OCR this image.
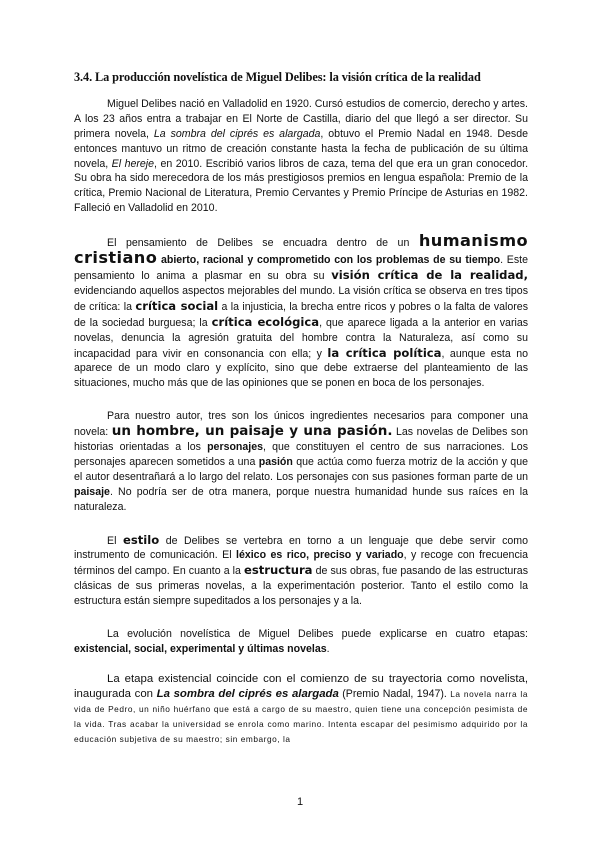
3.4. La producción novelística de Miguel Delibes: la visión crítica de la realidad

Miguel Delibes nació en Valladolid en 1920. Cursó estudios de comercio, derecho y artes. A los 23 años entra a trabajar en El Norte de Castilla, diario del que llegó a ser director. Su primera novela, La sombra del ciprés es alargada, obtuvo el Premio Nadal en 1948. Desde entonces mantuvo un ritmo de creación constante hasta la fecha de publicación de su última novela, El hereje, en 2010. Escribió varios libros de caza, tema del que era un gran conocedor. Su obra ha sido merecedora de los más prestigiosos premios en lengua española: Premio de la crítica, Premio Nacional de Literatura, Premio Cervantes y Premio Príncipe de Asturias en 1982. Falleció en Valladolid en 2010.

El pensamiento de Delibes se encuadra dentro de un humanismo cristiano abierto, racional y comprometido con los problemas de su tiempo. Este pensamiento lo anima a plasmar en su obra su visión crítica de la realidad, evidenciando aquellos aspectos mejorables del mundo. La visión crítica se observa en tres tipos de crítica: la crítica social a la injusticia, la brecha entre ricos y pobres o la falta de valores de la sociedad burguesa; la crítica ecológica, que aparece ligada a la anterior en varias novelas, denuncia la agresión gratuita del hombre contra la Naturaleza, así como su incapacidad para vivir en consonancia con ella; y la crítica política, aunque esta no aparece de un modo claro y explícito, sino que debe extraerse del planteamiento de las situaciones, mucho más que de las opiniones que se ponen en boca de los personajes.

Para nuestro autor, tres son los únicos ingredientes necesarios para componer una novela: un hombre, un paisaje y una pasión. Las novelas de Delibes son historias orientadas a los personajes, que constituyen el centro de sus narraciones. Los personajes aparecen sometidos a una pasión que actúa como fuerza motriz de la acción y que el autor desentrañará a lo largo del relato. Los personajes con sus pasiones forman parte de un paisaje. No podría ser de otra manera, porque nuestra humanidad hunde sus raíces en la naturaleza.

El estilo de Delibes se vertebra en torno a un lenguaje que debe servir como instrumento de comunicación. El léxico es rico, preciso y variado, y recoge con frecuencia términos del campo. En cuanto a la estructura de sus obras, fue pasando de las estructuras clásicas de sus primeras novelas, a la experimentación posterior. Tanto el estilo como la estructura están siempre supeditados a los personajes y a la.

La evolución novelística de Miguel Delibes puede explicarse en cuatro etapas: existencial, social, experimental y últimas novelas.

La etapa existencial coincide con el comienzo de su trayectoria como novelista, inaugurada con La sombra del ciprés es alargada (Premio Nadal, 1947). La novela narra la vida de Pedro, un niño huérfano que está a cargo de su maestro, quien tiene una concepción pesimista de la vida. Tras acabar la universidad se enrola como marino. Intenta escapar del pesimismo adquirido por la educación subjetiva de su maestro; sin embargo, la

1
